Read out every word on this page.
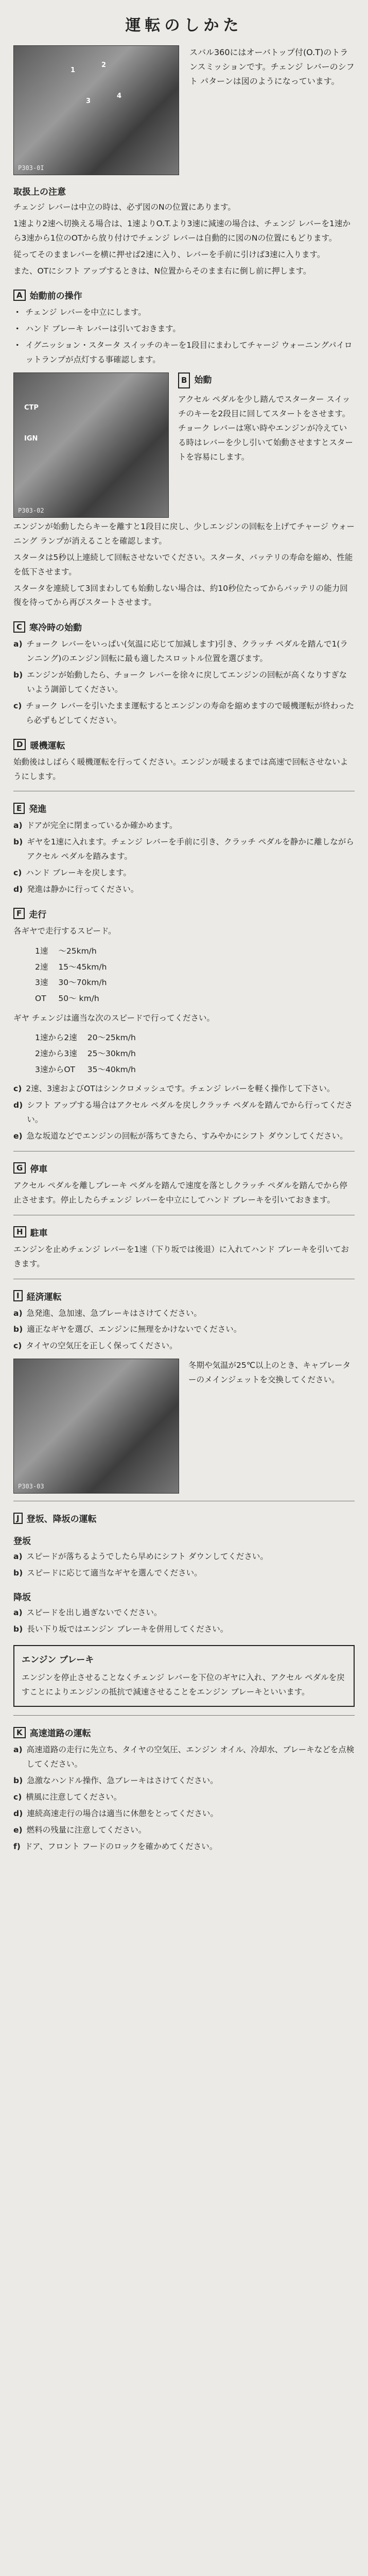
運転のしかた
1
2
3
4
P303-0I
スバル360にはオーバトップ付(O.T)のトランスミッションです。チェンジ レバーのシフト パターンは図のようになっています。
取扱上の注意

チェンジ レバーは中立の時は、必ず図のNの位置にあります。

1速より2速へ切換える場合は、1速よりO.T.より3速に減速の場合は、チェンジ レバーを1速から3速から1位のOTから放り付けでチェンジ レバーは自動的に図のNの位置にもどります。

従ってそのままレバーを横に押せば2速に入り、レバーを手前に引けば3速に入ります。

また、OTにシフト アップするときは、N位置からそのまま右に倒し前に押します。

A 始動前の操作
・ チェンジ レバーを中立にします。
・ ハンド ブレーキ レバーは引いておきます。
・ イグニッション・スタータ スイッチのキーを1段目にまわしてチャージ ウォーニングパイロットランプが点灯する事確認します。
CTP
IGN
P303-02
B 始動
アクセル ペダルを少し踏んでスターター スイッチのキーを2段目に回してスタートをさせます。チョーク レバーは寒い時やエンジンが冷えている時はレバーを少し引いて始動させますとスタートを容易にします。

エンジンが始動したらキーを離すと1段目に戻し、少しエンジンの回転を上げてチャージ ウォーニング ランプが消えることを確認します。

スタータは5秒以上連続して回転させないでください。スタータ、バッテリの寿命を縮め、性能を低下させます。

スタータを連続して3回まわしても始動しない場合は、約10秒位たってからバッテリの能力回復を待ってから再びスタートさせます。

C 寒冷時の始動
a) チョーク レバーをいっぱい(気温に応じて加減します)引き、クラッチ ペダルを踏んで1(ランニング)のエンジン回転に最も適したスロットル位置を選びます。
b) エンジンが始動したら、チョーク レバーを徐々に戻してエンジンの回転が高くなりすぎないよう調節してください。
c) チョーク レバーを引いたまま運転するとエンジンの寿命を縮めますので暖機運転が終わったら必ずもどしてください。
D 暖機運転

始動後はしばらく暖機運転を行ってください。エンジンが暖まるまでは高速で回転させないようにします。

E 発進
a) ドアが完全に閉まっているか確かめます。
b) ギヤを1速に入れます。チェンジ レバーを手前に引き、クラッチ ペダルを静かに離しながらアクセル ペダルを踏みます。
c) ハンド ブレーキを戻します。
d) 発進は静かに行ってください。
F 走行

各ギヤで走行するスピード。

1速	〜25km/h
2速	15〜45km/h
3速	30〜70km/h
OT	50〜 km/h

ギヤ チェンジは適当な次のスピードで行ってください。

1速から2速	20〜25km/h
2速から3速	25〜30km/h
3速からOT	35〜40km/h
c) 2速、3速およびOTはシンクロメッシュです。チェンジ レバーを軽く操作して下さい。
d) シフト アップする場合はアクセル ペダルを戻しクラッチ ペダルを踏んでから行ってください。
e) 急な坂道などでエンジンの回転が落ちてきたら、すみやかにシフト ダウンしてください。
G 停車

アクセル ペダルを離しブレーキ ペダルを踏んで速度を落としクラッチ ペダルを踏んでから停止させます。停止したらチェンジ レバーを中立にしてハンド ブレーキを引いておきます。

H 駐車

エンジンを止めチェンジ レバーを1速（下り坂では後退）に入れてハンド ブレーキを引いておきます。

I 経済運転
a) 急発進、急加速、急ブレーキはさけてください。
b) 適正なギヤを選び、エンジンに無理をかけないでください。
c) タイヤの空気圧を正しく保ってください。
P303-03
冬期や気温が25℃以上のとき、キャブレーターのメインジェットを交換してください。
J 登坂、降坂の運転
登坂
a) スピードが落ちるようでしたら早めにシフト ダウンしてください。
b) スピードに応じて適当なギヤを選んでください。
降坂
a) スピードを出し過ぎないでください。
b) 長い下り坂ではエンジン ブレーキを併用してください。
エンジン ブレーキ
エンジンを停止させることなくチェンジ レバーを下位のギヤに入れ、アクセル ペダルを戻すことによりエンジンの抵抗で減速させることをエンジン ブレーキといいます。
K 高速道路の運転
a) 高速道路の走行に先立ち、タイヤの空気圧、エンジン オイル、冷却水、ブレーキなどを点検してください。
b) 急激なハンドル操作、急ブレーキはさけてください。
c) 横風に注意してください。
d) 連続高速走行の場合は適当に休憩をとってください。
e) 燃料の残量に注意してください。
f) ドア、フロント フードのロックを確かめてください。
